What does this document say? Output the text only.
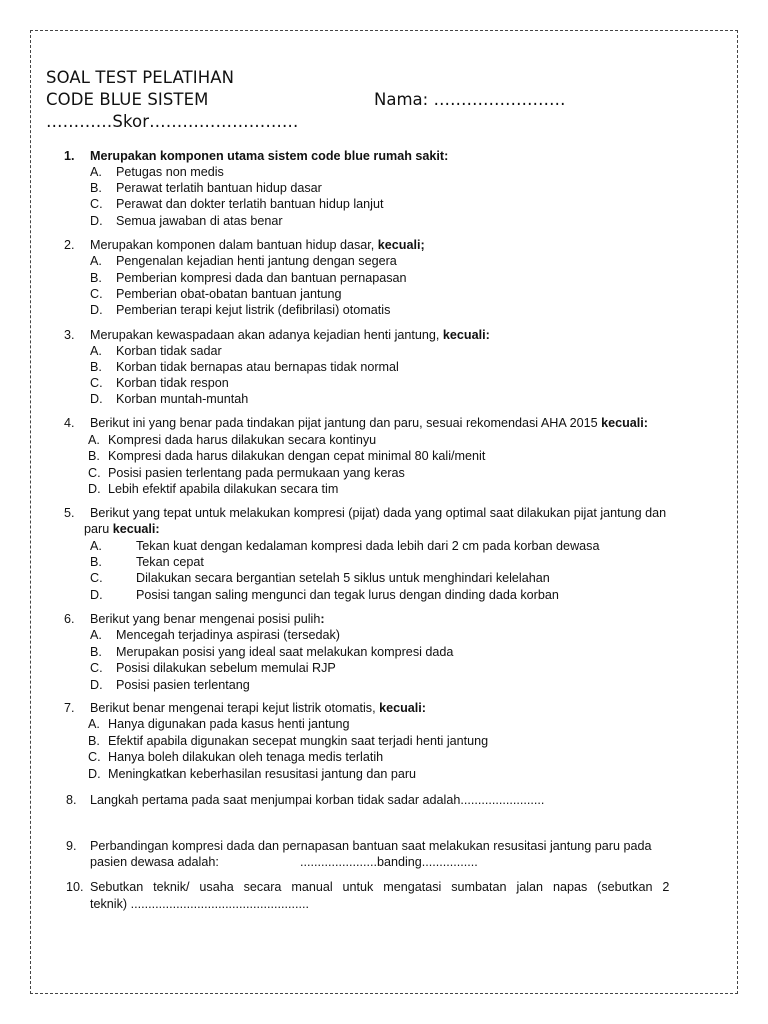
SOAL TEST PELATIHAN
CODE BLUE SISTEM	Nama: ……………………
…………Skor………………………
1. Merupakan komponen utama sistem code blue rumah sakit:
A. Petugas non medis
B. Perawat terlatih bantuan hidup dasar
C. Perawat dan dokter terlatih bantuan hidup lanjut
D. Semua jawaban di atas benar
2. Merupakan komponen dalam bantuan hidup dasar, kecuali;
A. Pengenalan kejadian henti jantung dengan segera
B. Pemberian kompresi dada dan bantuan pernapasan
C. Pemberian obat-obatan bantuan jantung
D. Pemberian terapi kejut listrik (defibrilasi) otomatis
3. Merupakan kewaspadaan akan adanya kejadian henti jantung, kecuali:
A. Korban tidak sadar
B. Korban tidak bernapas atau bernapas tidak normal
C. Korban tidak respon
D. Korban muntah-muntah
4. Berikut ini yang benar pada tindakan pijat jantung dan paru, sesuai rekomendasi AHA 2015 kecuali:
A. Kompresi dada harus dilakukan secara kontinyu
B. Kompresi dada harus dilakukan dengan cepat minimal 80 kali/menit
C. Posisi pasien terlentang pada permukaan yang keras
D. Lebih efektif apabila dilakukan secara tim
5. Berikut yang tepat untuk melakukan kompresi (pijat) dada yang optimal saat dilakukan pijat jantung dan
paru kecuali:
A.	Tekan kuat dengan kedalaman kompresi dada lebih dari 2 cm pada korban dewasa
B.	Tekan cepat
C.	Dilakukan secara bergantian setelah 5 siklus untuk menghindari kelelahan
D.	Posisi tangan saling mengunci dan tegak lurus dengan dinding dada korban
6. Berikut yang benar mengenai posisi pulih:
A. Mencegah terjadinya aspirasi (tersedak)
B. Merupakan posisi yang ideal saat melakukan kompresi dada
C. Posisi dilakukan sebelum memulai RJP
D. Posisi pasien terlentang
7. Berikut benar mengenai terapi kejut listrik otomatis, kecuali:
A. Hanya digunakan pada kasus henti jantung
B. Efektif apabila digunakan secepat mungkin saat terjadi henti jantung
C. Hanya boleh dilakukan oleh tenaga medis terlatih
D. Meningkatkan keberhasilan resusitasi jantung dan paru
8. Langkah pertama pada saat menjumpai korban tidak sadar adalah........................
9. Perbandingan kompresi dada dan pernapasan bantuan saat melakukan resusitasi jantung paru pada
pasien dewasa adalah:	......................banding................
10. Sebutkan teknik/ usaha secara manual untuk mengatasi sumbatan jalan napas (sebutkan 2
teknik) ...................................................
